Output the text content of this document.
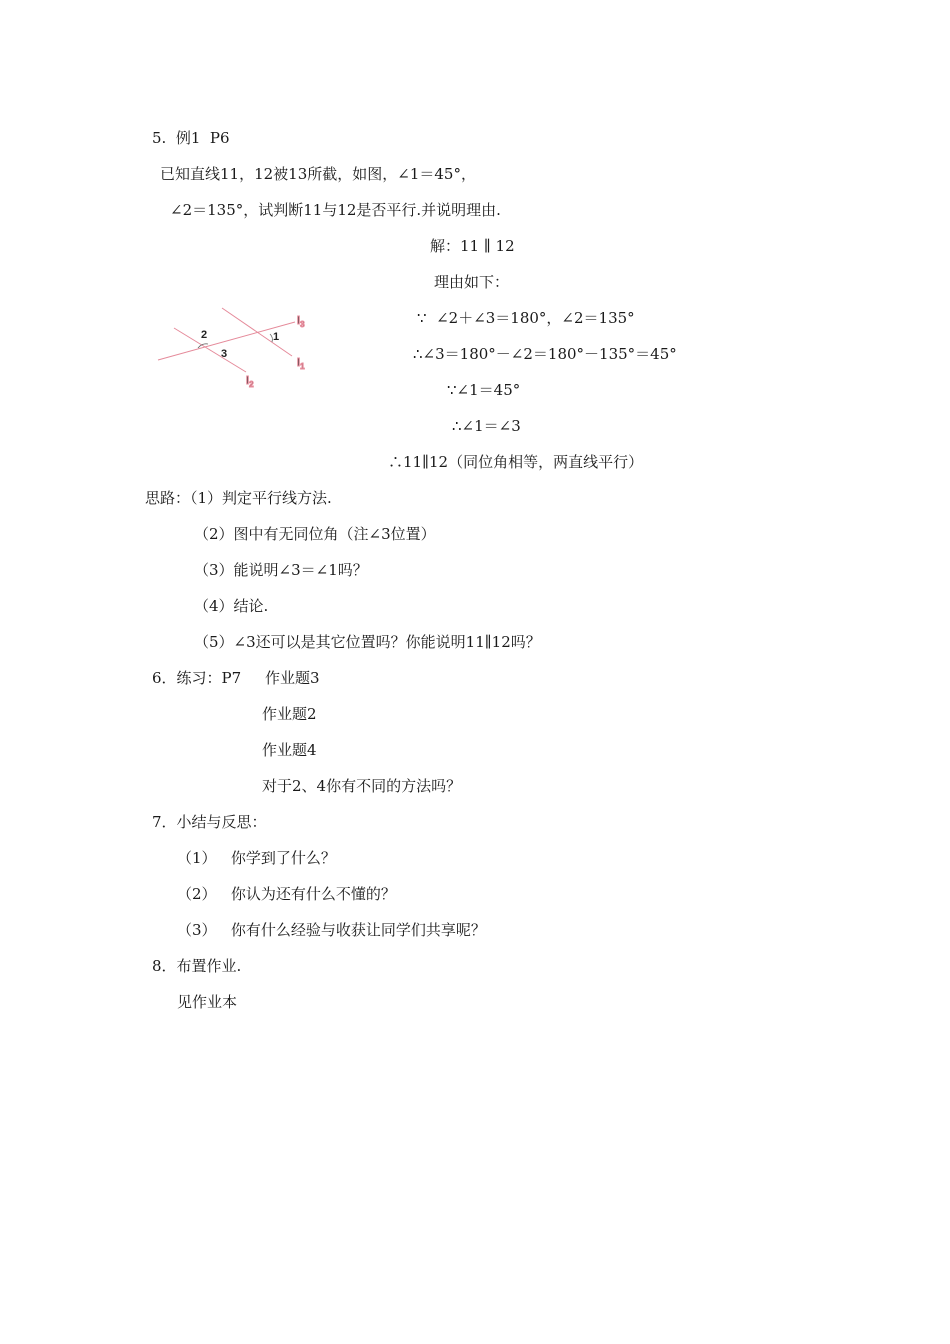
5.  例1  P6
已知直线11，12被13所截，如图，∠1＝45°，
∠2＝135°，试判断11与12是否平行.并说明理由.
解：11 ∥ 12
理由如下：
∵  ∠2＋∠3＝180°，∠2＝135°
∴∠3＝180°－∠2＝180°－135°＝45°
∵∠1＝45°
∴∠1＝∠3
∴11∥12（同位角相等，两直线平行）
2
3
1
$l_3$
$l_1$
$l_2$
思路：（1）判定平行线方法.
（2）图中有无同位角（注∠3位置）
（3）能说明∠3＝∠1吗？
（4）结论.
（5）∠3还可以是其它位置吗？你能说明11∥12吗？
6．练习：P7     作业题3
作业题2
作业题4
对于2、4你有不同的方法吗？
7．小结与反思：
（1）   你学到了什么？
（2）   你认为还有什么不懂的？
（3）   你有什么经验与收获让同学们共享呢？
8．布置作业.
见作业本
